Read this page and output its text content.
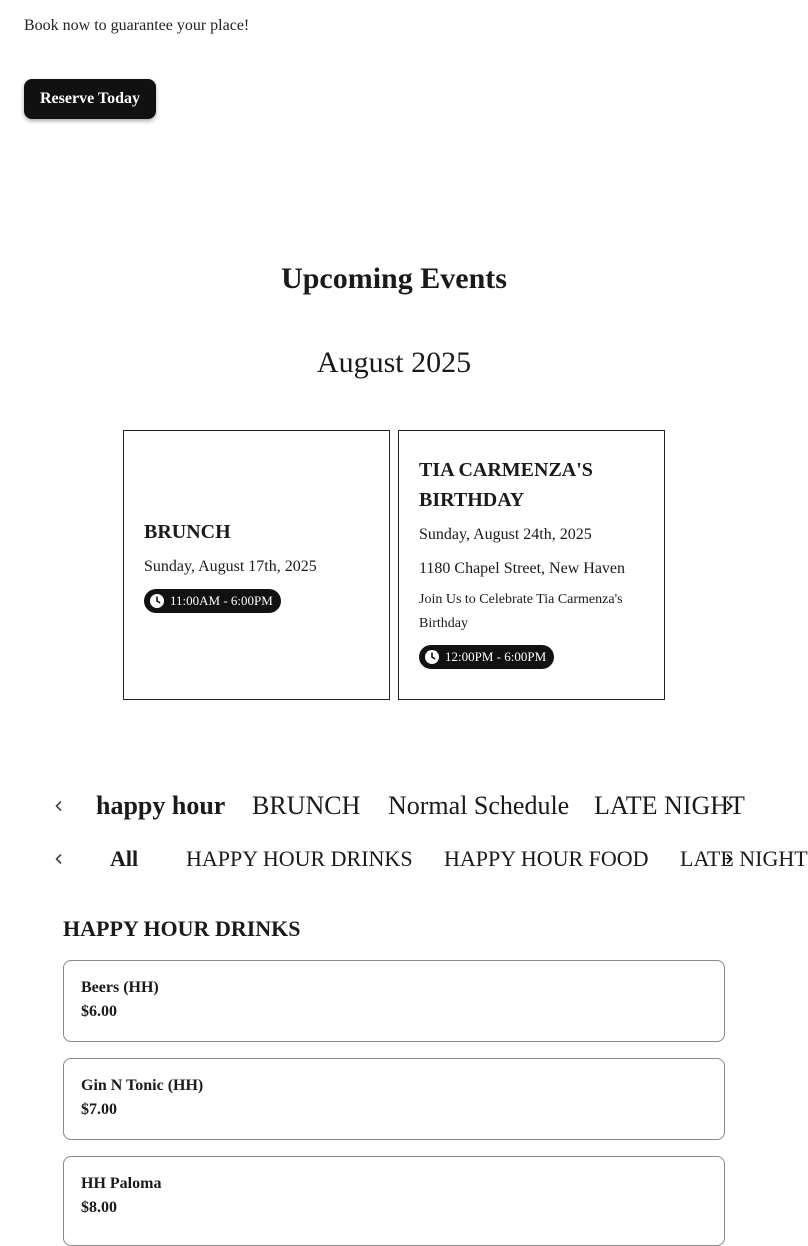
Book now to guarantee your place!

Reserve Today
Upcoming Events
August 2025
BRUNCH
Sunday, August 17th, 2025
11:00AM - 6:00PM
TIA CARMENZA'S BIRTHDAY
Sunday, August 24th, 2025
1180 Chapel Street, New Haven
Join Us to Celebrate Tia Carmenza's Birthday
12:00PM - 6:00PM
happy hour BRUNCH Normal Schedule LATE NIGHT
All HAPPY HOUR DRINKS HAPPY HOUR FOOD LATE NIGHT
HAPPY HOUR DRINKS
Beers (HH)
$6.00
Gin N Tonic (HH)
$7.00
HH Paloma
$8.00
